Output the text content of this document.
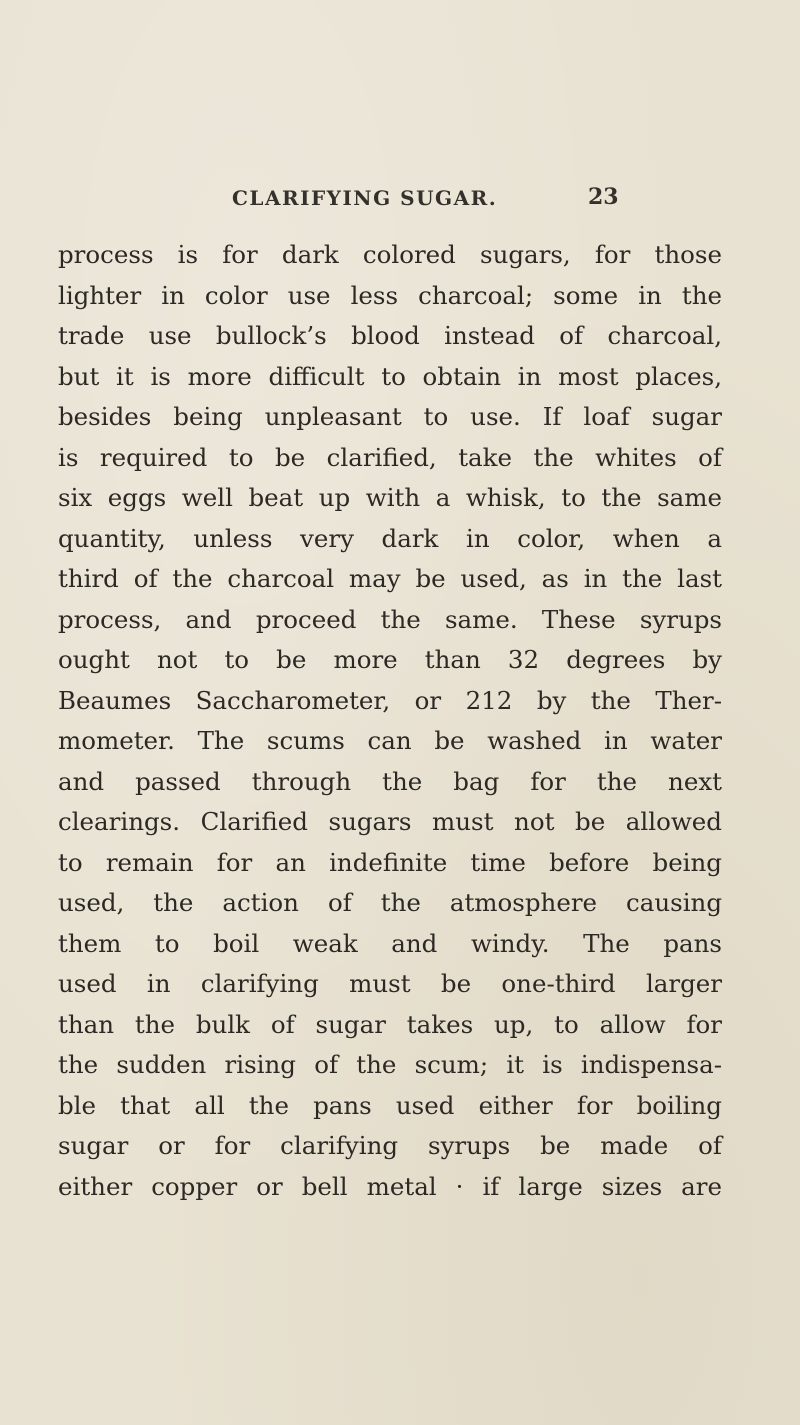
CLARIFYING SUGAR.	23

process is for dark colored sugars, for those
lighter in color use less charcoal; some in the
trade use bullock’s blood instead of charcoal,
but it is more difficult to obtain in most places,
besides being unpleasant to use. If loaf sugar
is required to be clarified, take the whites of
six eggs well beat up with a whisk, to the same
quantity, unless very dark in color, when a
third of the charcoal may be used, as in the last
process, and proceed the same. These syrups
ought not to be more than 32 degrees by
Beaumes Saccharometer, or 212 by the Ther-
mometer. The scums can be washed in water
and passed through the bag for the next
clearings. Clarified sugars must not be allowed
to remain for an indefinite time before being
used, the action of the atmosphere causing
them to boil weak and windy. The pans
used in clarifying must be one-third larger
than the bulk of sugar takes up, to allow for
the sudden rising of the scum; it is indispensa-
ble that all the pans used either for boiling
sugar or for clarifying syrups be made of
either copper or bell metal · if large sizes are
